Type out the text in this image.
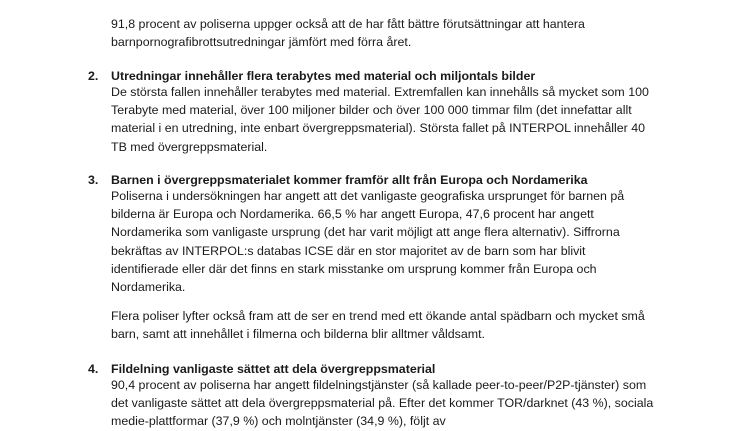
91,8 procent av poliserna uppger också att de har fått bättre förutsättningar att hantera barnpornografibrottsutredningar jämfört med förra året.

2. Utredningar innehåller flera terabytes med material och miljontals bilder

De största fallen innehåller terabytes med material. Extremfallen kan innehålls så mycket som 100 Terabyte med material, över 100 miljoner bilder och över 100 000 timmar film (det innefattar allt material i en utredning, inte enbart övergreppsmaterial). Största fallet på INTERPOL innehåller 40 TB med övergreppsmaterial.

3. Barnen i övergreppsmaterialet kommer framför allt från Europa och Nordamerika

Poliserna i undersökningen har angett att det vanligaste geografiska ursprunget för barnen på bilderna är Europa och Nordamerika. 66,5 % har angett Europa, 47,6 procent har angett Nordamerika som vanligaste ursprung (det har varit möjligt att ange flera alternativ). Siffrorna bekräftas av INTERPOL:s databas ICSE där en stor majoritet av de barn som har blivit identifierade eller där det finns en stark misstanke om ursprung kommer från Europa och Nordamerika.

Flera poliser lyfter också fram att de ser en trend med ett ökande antal spädbarn och mycket små barn, samt att innehållet i filmerna och bilderna blir alltmer våldsamt.

4. Fildelning vanligaste sättet att dela övergreppsmaterial

90,4 procent av poliserna har angett fildelningstjänster (så kallade peer-to-peer/P2P-tjänster) som det vanligaste sättet att dela övergreppsmaterial på. Efter det kommer TOR/darknet (43 %), sociala medie-plattformar (37,9 %) och molntjänster (34,9 %), följt av
